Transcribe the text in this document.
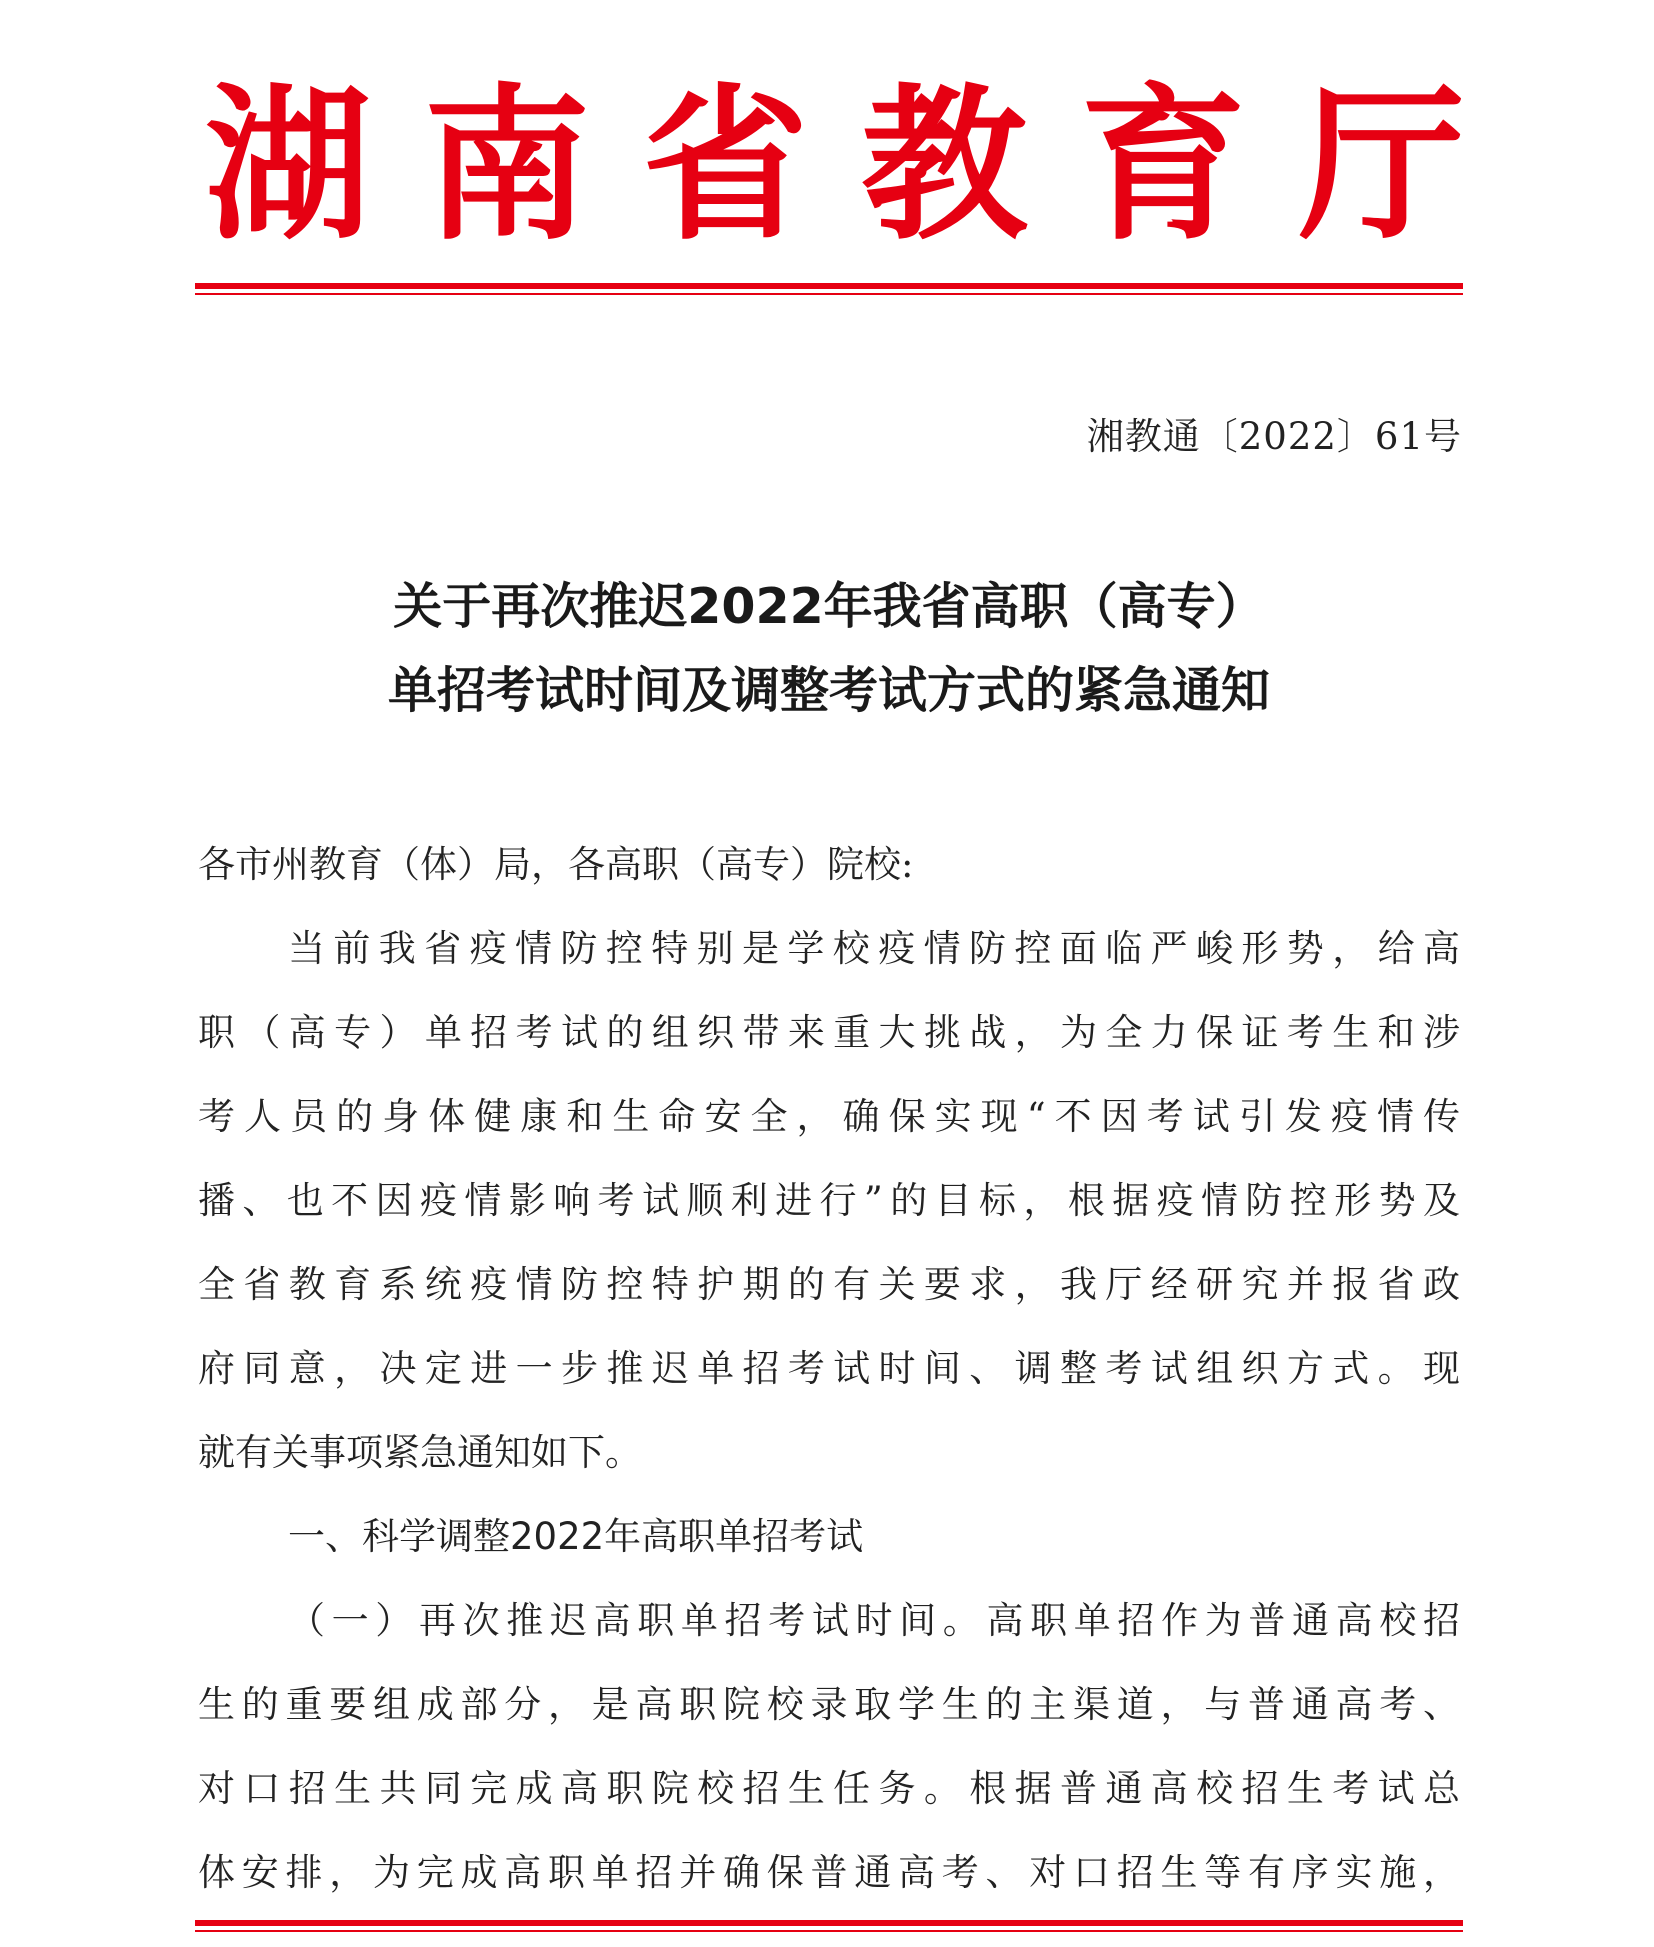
湖 南 省 教 育 厅
湘教通〔2022〕61号
关于再次推迟2022年我省高职（高专）
单招考试时间及调整考试方式的紧急通知

各市州教育（体）局，各高职（高专）院校:

当前我省疫情防控特别是学校疫情防控面临严峻形势，给高

职（高专）单招考试的组织带来重大挑战，为全力保证考生和涉

考人员的身体健康和生命安全，确保实现“不因考试引发疫情传

播、也不因疫情影响考试顺利进行”的目标，根据疫情防控形势及

全省教育系统疫情防控特护期的有关要求，我厅经研究并报省政

府同意，决定进一步推迟单招考试时间、调整考试组织方式。现

就有关事项紧急通知如下。

一、科学调整2022年高职单招考试

（一）再次推迟高职单招考试时间。高职单招作为普通高校招

生的重要组成部分，是高职院校录取学生的主渠道，与普通高考、

对口招生共同完成高职院校招生任务。根据普通高校招生考试总

体安排，为完成高职单招并确保普通高考、对口招生等有序实施，
